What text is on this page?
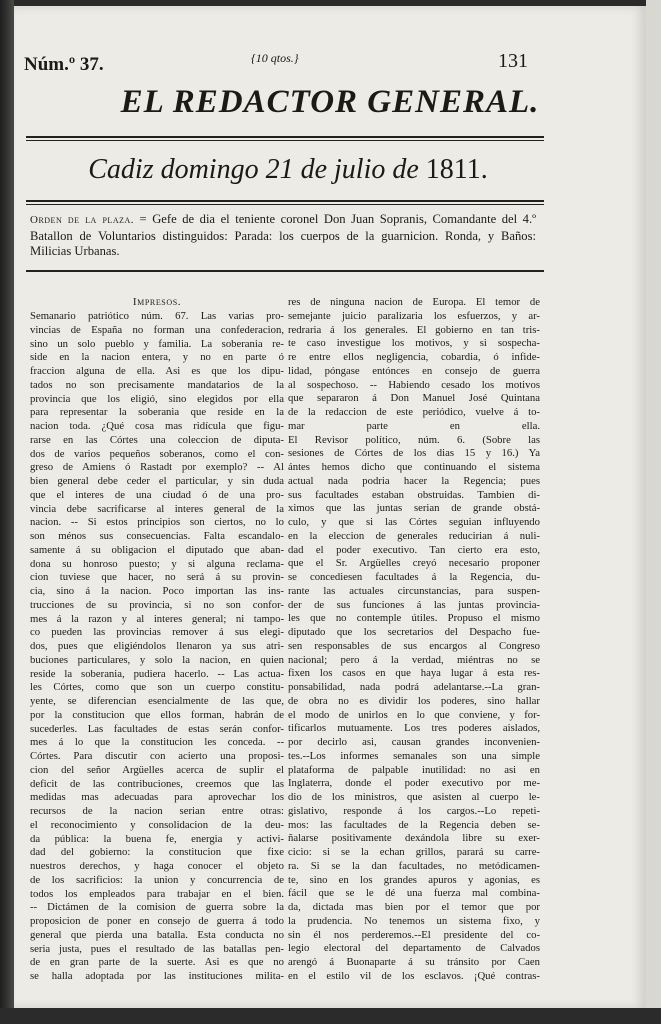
Núm.º 37.	{10 qtos.}	131
EL REDACTOR GENERAL.
Cadiz domingo 21 de julio de 1811.
Orden de la plaza. = Gefe de dia el teniente coronel Don Juan Sopranis, Comandante del 4.º Batallon de Voluntarios distinguidos: Parada: los cuerpos de la guarnicion. Ronda, y Baños: Milicias Urbanas.
Impresos.
Semanario patriótico núm. 67. Las varias pro-
vincias de España no forman una confederacion,
sino un solo pueblo y familia. La soberania re-
side en la nacion entera, y no en parte ó
fraccion alguna de ella. Asi es que los dipu-
tados no son precisamente mandatarios de la
provincia que los eligió, sino elegidos por ella
para representar la soberania que reside en la
nacion toda. ¿Qué cosa mas ridícula que figu-
rarse en las Córtes una coleccion de diputa-
dos de varios pequeños soberanos, como el con-
greso de Amiens ó Rastadt por exemplo? -- Al
bien general debe ceder el particular, y sin duda
que el interes de una ciudad ó de una pro-
vincia debe sacrificarse al interes general de la
nacion. -- Si estos principios son ciertos, no lo
son ménos sus consecuencias. Falta escandalo-
samente á su obligacion el diputado que aban-
dona su honroso puesto; y si alguna reclama-
cion tuviese que hacer, no será á su provin-
cia, sino á la nacion. Poco importan las ins-
trucciones de su provincia, si no son confor-
mes á la razon y al interes general; ni tampo-
co pueden las provincias remover á sus elegi-
dos, pues que eligiéndolos llenaron ya sus atri-
buciones particulares, y solo la nacion, en quien
reside la soberania, pudiera hacerlo. -- Las actua-
les Córtes, como que son un cuerpo constitu-
yente, se diferencian esencialmente de las que,
por la constitucion que ellos forman, habrán de
sucederles. Las facultades de estas serán confor-
mes á lo que la constitucion les conceda. --
Córtes. Para discutir con acierto una proposi-
cion del señor Argüelles acerca de suplir el
deficit de las contribuciones, creemos que las
medidas mas adecuadas para aprovechar los
recursos de la nacion serian entre otras:
el reconocimiento y consolidacion de la deu-
da pública: la buena fe, energia y activi-
dad del gobierno: la constitucion que fixe
nuestros derechos, y haga conocer el objeto
de los sacrificios: la union y concurrencia de
todos los empleados para trabajar en el bien.
-- Dictámen de la comision de guerra sobre la
proposicion de poner en consejo de guerra á todo
general que pierda una batalla. Esta conducta no
seria justa, pues el resultado de las batallas pen-
de en gran parte de la suerte. Asi es que no
se halla adoptada por las instituciones milita-
res de ninguna nacion de Europa. El temor de
semejante juicio paralizaria los esfuerzos, y ar-
redraria á los generales. El gobierno en tan tris-
te caso investigue los motivos, y si sospecha-
re entre ellos negligencia, cobardia, ó infide-
lidad, póngase entónces en consejo de guerra
al sospechoso. -- Habiendo cesado los motivos
que separaron á Don Manuel José Quintana
de la redaccion de este periódico, vuelve á to-
mar parte en ella.
El Revisor político, núm. 6. (Sobre las
sesiones de Córtes de los dias 15 y 16.) Ya
ántes hemos dicho que continuando el sistema
actual nada podria hacer la Regencia; pues
sus facultades estaban obstruidas. Tambien di-
ximos que las juntas serian de grande obstá-
culo, y que si las Córtes seguian influyendo
en la eleccion de generales reducirian á nuli-
dad el poder executivo. Tan cierto era esto,
que el Sr. Argüelles creyó necesario proponer
se concediesen facultades á la Regencia, du-
rante las actuales circunstancias, para suspen-
der de sus funciones á las juntas provincia-
les que no contemple útiles. Propuso el mismo
diputado que los secretarios del Despacho fue-
sen responsables de sus encargos al Congreso
nacional; pero á la verdad, miéntras no se
fixen los casos en que haya lugar á esta res-
ponsabilidad, nada podrá adelantarse.--La gran-
de obra no es dividir los poderes, sino hallar
el modo de unirlos en lo que conviene, y for-
tificarlos mutuamente. Los tres poderes aislados,
por decirlo asi, causan grandes inconvenien-
tes.--Los informes semanales son una simple
plataforma de palpable inutilidad: no asi en
Inglaterra, donde el poder executivo por me-
dio de los ministros, que asisten al cuerpo le-
gislativo, responde á los cargos.--Lo repeti-
mos: las facultades de la Regencia deben se-
ñalarse positivamente dexándola libre su exer-
cicio: si se la echan grillos, parará su carre-
ra. Si se la dan facultades, no metódicamen-
te, sino en los grandes apuros y agonias, es
fácil que se le dé una fuerza mal combina-
da, dictada mas bien por el temor que por
la prudencia. No tenemos un sistema fixo, y
sin él nos perderemos.--El presidente del co-
legio electoral del departamento de Calvados
arengó á Buonaparte á su tránsito por Caen
en el estilo vil de los esclavos. ¡Qué contras-
